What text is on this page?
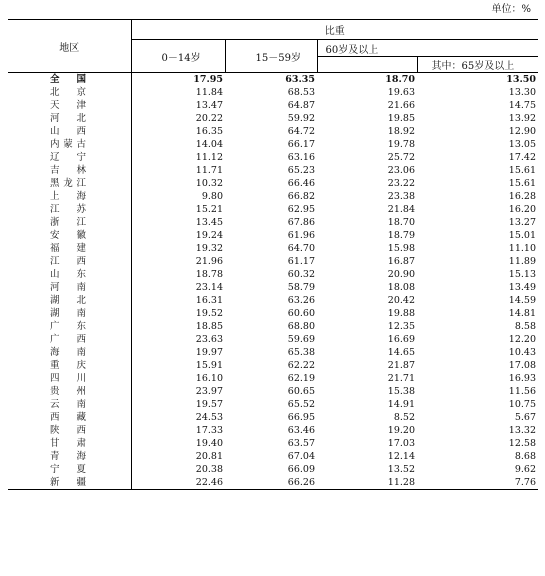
单位：%
地区	比重			
	0－14岁	15－59岁	60岁及以上	
				其中：65岁及以上
全国	17.95	63.35	18.70	13.50
北京	11.84	68.53	19.63	13.30
天津	13.47	64.87	21.66	14.75
河北	20.22	59.92	19.85	13.92
山西	16.35	64.72	18.92	12.90
内蒙古	14.04	66.17	19.78	13.05
辽宁	11.12	63.16	25.72	17.42
吉林	11.71	65.23	23.06	15.61
黑龙江	10.32	66.46	23.22	15.61
上海	9.80	66.82	23.38	16.28
江苏	15.21	62.95	21.84	16.20
浙江	13.45	67.86	18.70	13.27
安徽	19.24	61.96	18.79	15.01
福建	19.32	64.70	15.98	11.10
江西	21.96	61.17	16.87	11.89
山东	18.78	60.32	20.90	15.13
河南	23.14	58.79	18.08	13.49
湖北	16.31	63.26	20.42	14.59
湖南	19.52	60.60	19.88	14.81
广东	18.85	68.80	12.35	8.58
广西	23.63	59.69	16.69	12.20
海南	19.97	65.38	14.65	10.43
重庆	15.91	62.22	21.87	17.08
四川	16.10	62.19	21.71	16.93
贵州	23.97	60.65	15.38	11.56
云南	19.57	65.52	14.91	10.75
西藏	24.53	66.95	8.52	5.67
陕西	17.33	63.46	19.20	13.32
甘肃	19.40	63.57	17.03	12.58
青海	20.81	67.04	12.14	8.68
宁夏	20.38	66.09	13.52	9.62
新疆	22.46	66.26	11.28	7.76
